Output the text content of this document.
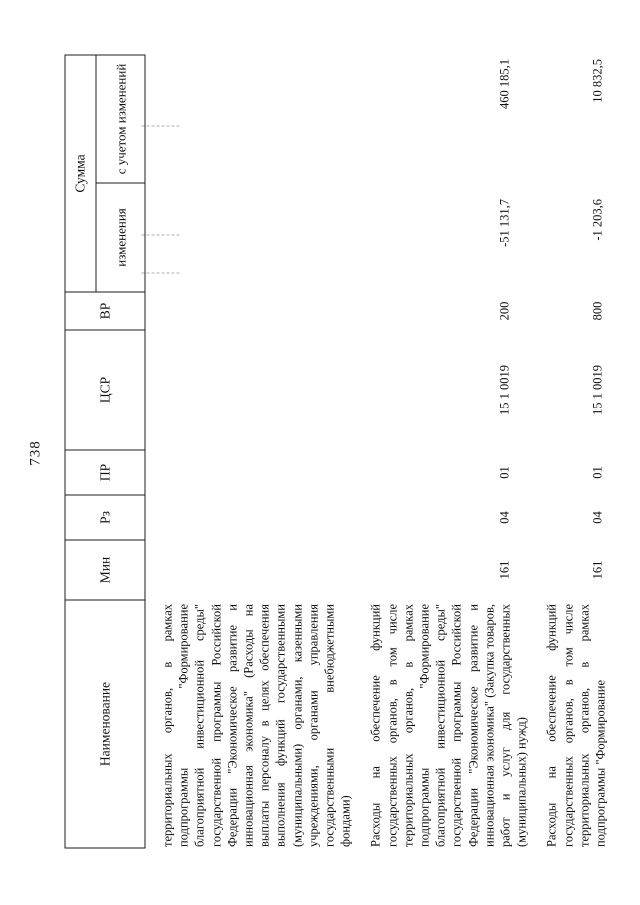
738
Наименование	Мин	Рз	ПР	ЦСР	ВР	Сумма	
						изменения	с учетом изменений
территориальных органов, в рамках подпрограммы "Формирование благоприятной инвестиционной среды" государственной программы Российской Федерации "Экономическое развитие и инновационная экономика" (Расходы на выплаты персоналу в целях обеспечения выполнения функций государственными (муниципальными) органами, казенными учреждениями, органами управления государственными внебюджетными фондами)							
Расходы на обеспечение функций государственных органов, в том числе территориальных органов, в рамках подпрограммы "Формирование благоприятной инвестиционной среды" государственной программы Российской Федерации "Экономическое развитие и инновационная экономика" (Закупка товаров, работ и услуг для государственных (муниципальных) нужд)	161	04	01	15 1 0019	200	-51 131,7	460 185,1
Расходы на обеспечение функций государственных органов, в том числе территориальных органов, в рамках подпрограммы "Формирование	161	04	01	15 1 0019	800	-1 203,6	10 832,5
